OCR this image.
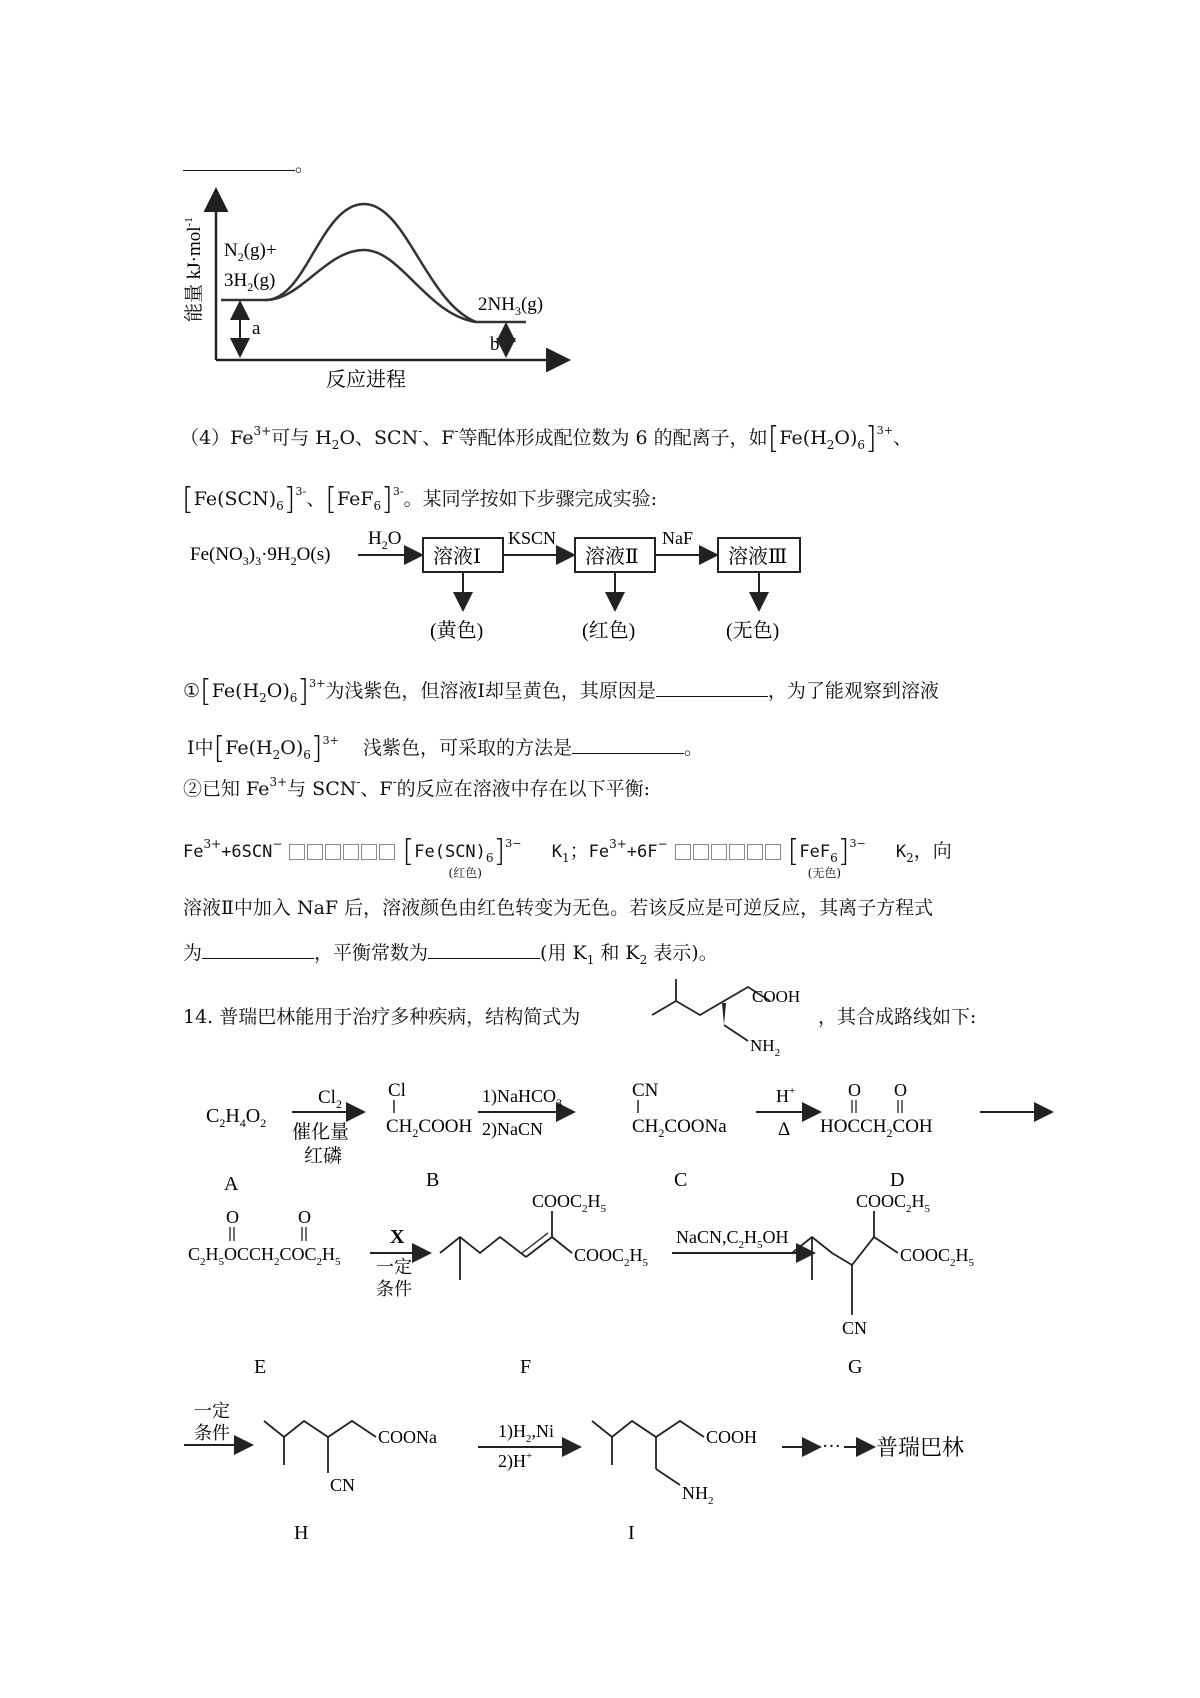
。
a
b
$N_2(g)+$
$3H_2(g)$
$2NH_3(g)$
反应进程
能量 kJ·mol$^{-1}$
$(4)Fe^{3+}$可与 $H_2O$、SCN-、F-等配体形成配位数为 6 的配离子，如$[Fe(H_2O)_6]^{3+}$、
$[Fe(SCN)_6]^{3-}$、$[FeF_6]^{3-}$。某同学按如下步骤完成实验:
$Fe(NO_3)_3\cdot 9H_2O(s)$
$H_2O$
溶液Ⅰ
KSCN
溶液Ⅱ
NaF
溶液Ⅲ
(黄色)	(红色)	(无色)
$①[Fe(H_2O)_6]^{3+}$为浅紫色，但溶液Ⅰ却呈黄色，其原因是	，为了能观察到溶液
Ⅰ中$[Fe(H_2O)_6]^{3+}$ 浅紫色，可采取的方法是	。
②已知 $Fe^{3+}$与 SCN-、F-的反应在溶液中存在以下平衡:
$Fe^{3+}+6SCN^-$	$[Fe(SCN)_6]^{3-}$
(红色)
$K_1$；$Fe^{3+}+6F^-$	$[FeF_6]^{3-}$
(无色)
$K_2$，向
溶液Ⅱ中加入 NaF 后，溶液颜色由红色转变为无色。若该反应是可逆反应，其离子方程式
为	，平衡常数为	(用 $K_1$ 和 $K_2$ 表示)。
14. 普瑞巴林能用于治疗多种疾病，结构简式为
COOH
$NH_2$
，其合成路线如下:
$C_2H_4O_2$
A
$Cl_2$
催化量
红磷
Cl
$CH_2COOH$
B
1)NaHCO$_3$
2)NaCN
CN
$CH_2COONa$
C
H+
Δ
O O
$HOCCH_2COH$
D
O	O
$C_2H_5OCCH_2COC_2H_5$
E
X
一定
条件
$COOC_2H_5$
$COOC_2H_5$
F
$NaCN,C_2H_5OH$
$COOC_2H_5$
$COOC_2H_5$
CN
G
一定
条件	COONa
CN
H
$1)H_2,Ni$
2)H+
COOH
$NH_2$
I
··· 普瑞巴林
